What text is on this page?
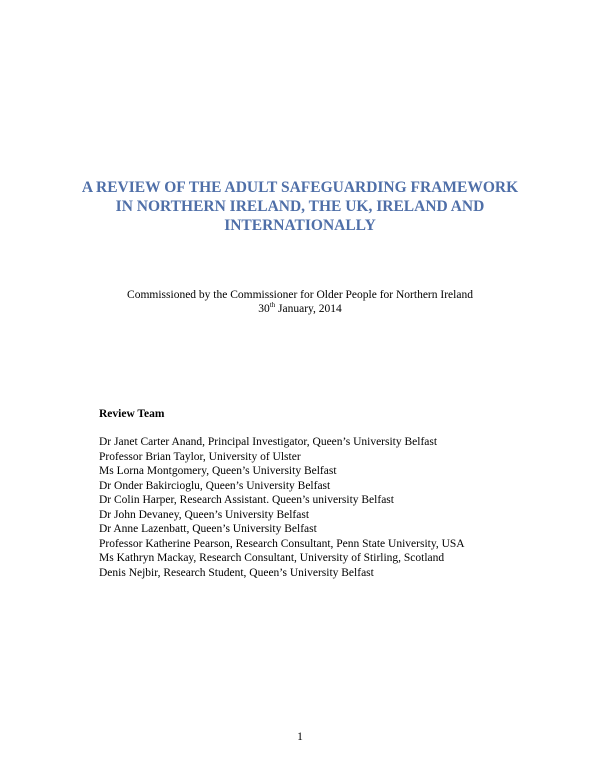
A REVIEW OF THE ADULT SAFEGUARDING FRAMEWORK
IN NORTHERN IRELAND, THE UK, IRELAND AND
INTERNATIONALLY
Commissioned by the Commissioner for Older People for Northern Ireland
30th January, 2014
Review Team
Dr Janet Carter Anand, Principal Investigator, Queen’s University Belfast
Professor Brian Taylor, University of Ulster
Ms Lorna Montgomery, Queen’s University Belfast
Dr Onder Bakircioglu, Queen’s University Belfast
Dr Colin Harper, Research Assistant. Queen’s university Belfast
Dr John Devaney, Queen’s University Belfast
Dr Anne Lazenbatt, Queen’s University Belfast
Professor Katherine Pearson, Research Consultant, Penn State University, USA
Ms Kathryn Mackay, Research Consultant, University of Stirling, Scotland
Denis Nejbir, Research Student, Queen’s University Belfast
1
